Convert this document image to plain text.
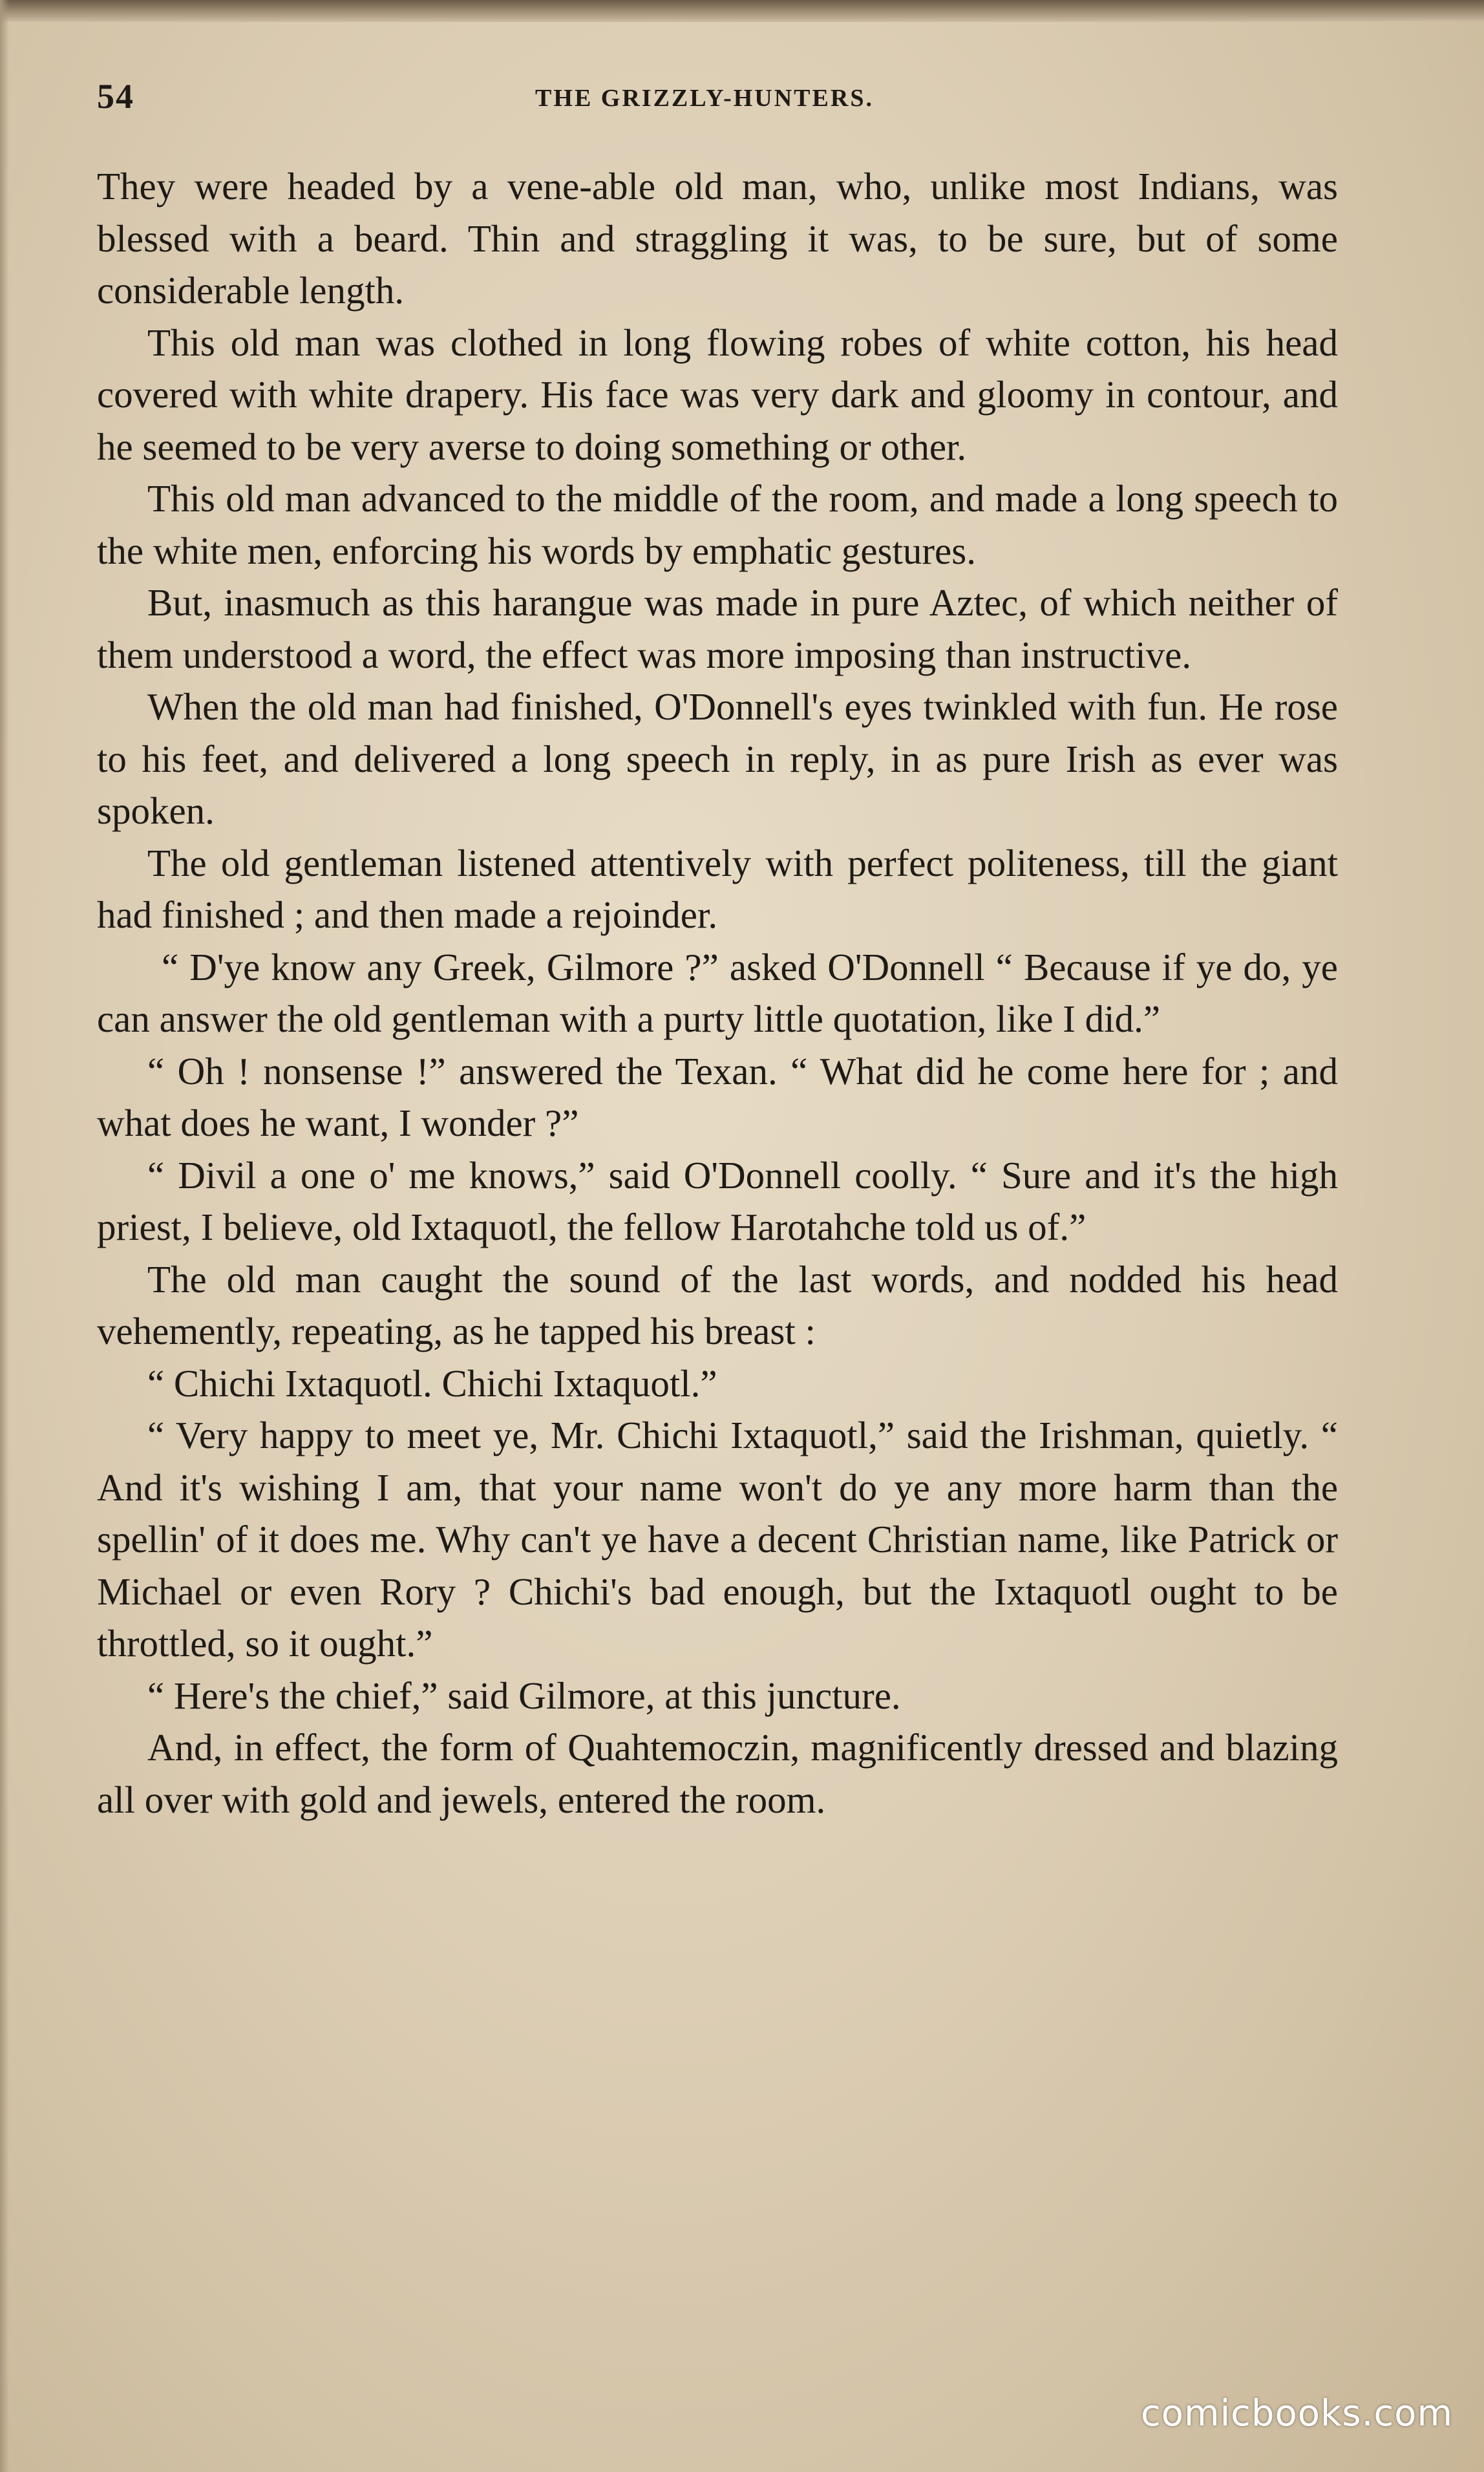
54	THE GRIZZLY-HUNTERS.

They were headed by a vene-able old man, who, unlike most Indians, was blessed with a beard. Thin and straggling it was, to be sure, but of some considerable length.

This old man was clothed in long flowing robes of white cotton, his head covered with white drapery. His face was very dark and gloomy in contour, and he seemed to be very averse to doing something or other.

This old man advanced to the middle of the room, and made a long speech to the white men, enforcing his words by emphatic gestures.

But, inasmuch as this harangue was made in pure Aztec, of which neither of them understood a word, the effect was more imposing than instructive.

When the old man had finished, O'Donnell's eyes twinkled with fun. He rose to his feet, and delivered a long speech in reply, in as pure Irish as ever was spoken.

The old gentleman listened attentively with perfect politeness, till the giant had finished ; and then made a rejoinder.

“ D'ye know any Greek, Gilmore ?” asked O'Donnell “ Because if ye do, ye can answer the old gentleman with a purty little quotation, like I did.”

“ Oh ! nonsense !” answered the Texan. “ What did he come here for ; and what does he want, I wonder ?”

“ Divil a one o' me knows,” said O'Donnell coolly. “ Sure and it's the high priest, I believe, old Ixtaquotl, the fellow Harotahche told us of.”

The old man caught the sound of the last words, and nodded his head vehemently, repeating, as he tapped his breast :

“ Chichi Ixtaquotl. Chichi Ixtaquotl.”

“ Very happy to meet ye, Mr. Chichi Ixtaquotl,” said the Irishman, quietly. “ And it's wishing I am, that your name won't do ye any more harm than the spellin' of it does me. Why can't ye have a decent Christian name, like Patrick or Michael or even Rory ? Chichi's bad enough, but the Ixtaquotl ought to be throttled, so it ought.”

“ Here's the chief,” said Gilmore, at this juncture.

And, in effect, the form of Quahtemoczin, magnificently dressed and blazing all over with gold and jewels, entered the room.

comicbooks.com
